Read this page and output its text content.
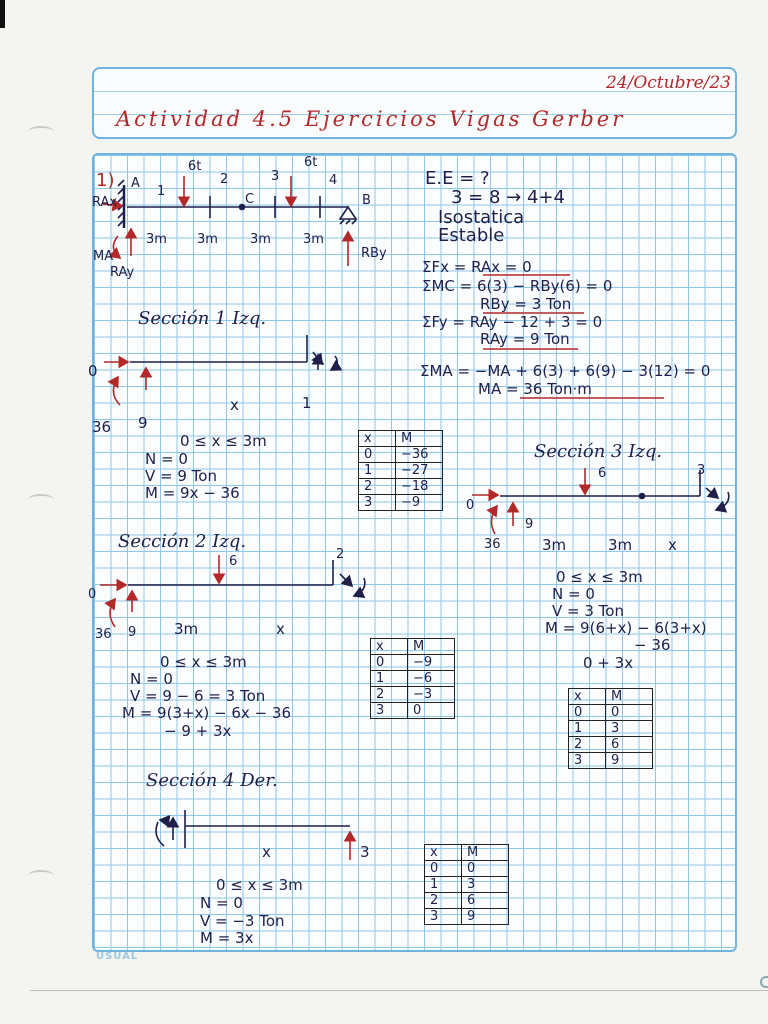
24/Octubre/23
Actividad 4.5 Ejercicios Vigas Gerber
USUAL
1)
6t	6t
A
1
2
C
3	4
B
3m 3m 3m 3m
RAx
MA
RAy
RBy
E.E = ?
3 = 8 → 4+4
Isostatica
Estable
ΣFx = RAx = 0
ΣMC = 6(3) − RBy(6) = 0
RBy = 3 Ton
ΣFy = RAy − 12 + 3 = 0
RAy = 9 Ton
ΣMA = −MA + 6(3) + 6(9) − 3(12) = 0
MA = 36 Ton·m
Sección 1 Izq.
0
36 9
x	1
0 ≤ x ≤ 3m
N = 0
V = 9 Ton
M = 9x − 36
x	M
0	−36
1	−27
2	−18
3	−9
Sección 3 Izq.
0
36
9
6
3m	3m x
3
0 ≤ x ≤ 3m
N = 0
V = 3 Ton
M = 9(6+x) − 6(3+x)
− 36
0 + 3x
x	M
0	0
1	3
2	6
3	9
Sección 2 Izq.
0
36 9
6
3m	x
2
0 ≤ x ≤ 3m
N = 0
V = 9 − 6 = 3 Ton
M = 9(3+x) − 6x − 36
− 9 + 3x
x	M
0	−9
1	−6
2	−3
3	0
Sección 4 Der.
x	3
0 ≤ x ≤ 3m
N = 0
V = −3 Ton
M = 3x
x	M
0	0
1	3
2	6
3	9
